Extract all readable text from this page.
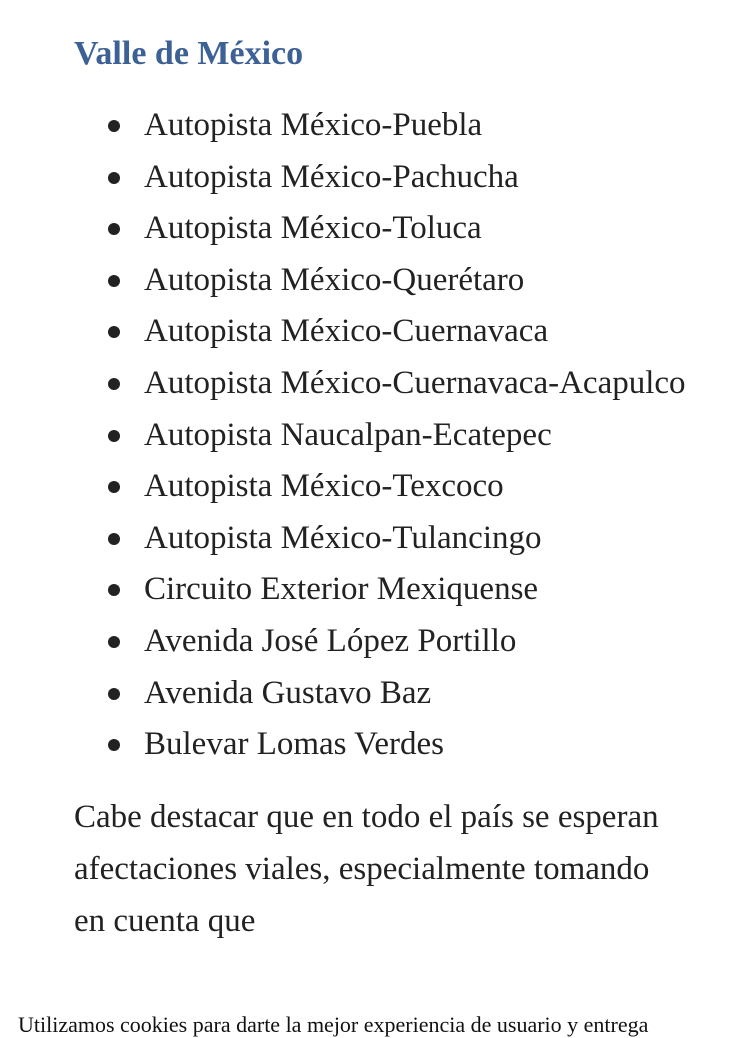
Valle de México
Autopista México-Puebla
Autopista México-Pachucha
Autopista México-Toluca
Autopista México-Querétaro
Autopista México-Cuernavaca
Autopista México-Cuernavaca-Acapulco
Autopista Naucalpan-Ecatepec
Autopista México-Texcoco
Autopista México-Tulancingo
Circuito Exterior Mexiquense
Avenida José López Portillo
Avenida Gustavo Baz
Bulevar Lomas Verdes

Cabe destacar que en todo el país se esperan afectaciones viales, especialmente tomando en cuenta que

Utilizamos cookies para darte la mejor experiencia de usuario y entrega
